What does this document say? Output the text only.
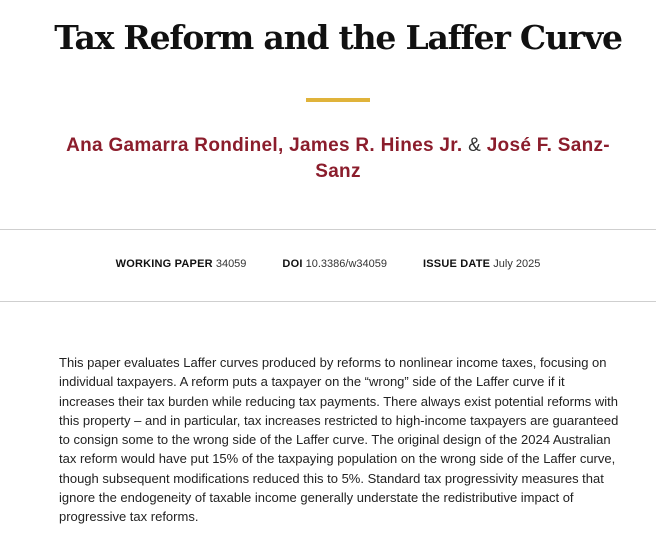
Tax Reform and the Laffer Curve
Ana Gamarra Rondinel, James R. Hines Jr. & José F. Sanz-Sanz
WORKING PAPER 34059	DOI 10.3386/w34059	ISSUE DATE July 2025

This paper evaluates Laffer curves produced by reforms to nonlinear income taxes, focusing on individual taxpayers. A reform puts a taxpayer on the “wrong” side of the Laffer curve if it increases their tax burden while reducing tax payments. There always exist potential reforms with this property – and in particular, tax increases restricted to high-income taxpayers are guaranteed to consign some to the wrong side of the Laffer curve. The original design of the 2024 Australian tax reform would have put 15% of the taxpaying population on the wrong side of the Laffer curve, though subsequent modifications reduced this to 5%. Standard tax progressivity measures that ignore the endogeneity of taxable income generally understate the redistributive impact of progressive tax reforms.
